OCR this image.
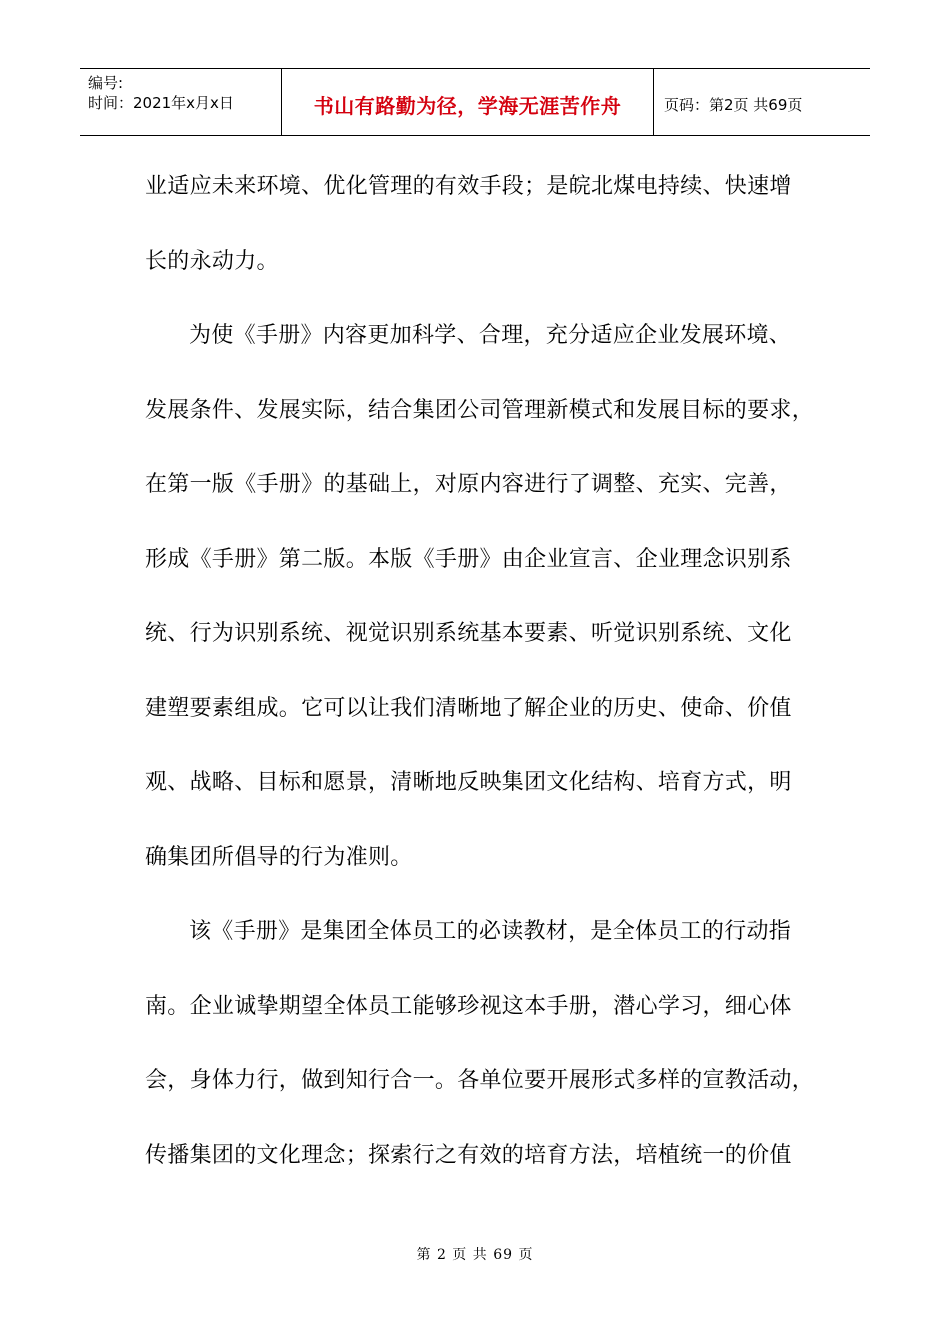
编号:
时间：2021年x月x日	书山有路勤为径，学海无涯苦作舟	页码：第2页 共69页
业适应未来环境、优化管理的有效手段；是皖北煤电持续、快速增
长的永动力。
为使《手册》内容更加科学、合理，充分适应企业发展环境、
发展条件、发展实际，结合集团公司管理新模式和发展目标的要求，
在第一版《手册》的基础上，对原内容进行了调整、充实、完善，
形成《手册》第二版。本版《手册》由企业宣言、企业理念识别系
统、行为识别系统、视觉识别系统基本要素、听觉识别系统、文化
建塑要素组成。它可以让我们清晰地了解企业的历史、使命、价值
观、战略、目标和愿景，清晰地反映集团文化结构、培育方式，明
确集团所倡导的行为准则。
该《手册》是集团全体员工的必读教材，是全体员工的行动指
南。企业诚挚期望全体员工能够珍视这本手册，潜心学习，细心体
会，身体力行，做到知行合一。各单位要开展形式多样的宣教活动，
传播集团的文化理念；探索行之有效的培育方法，培植统一的价值
第 2 页 共 69 页
